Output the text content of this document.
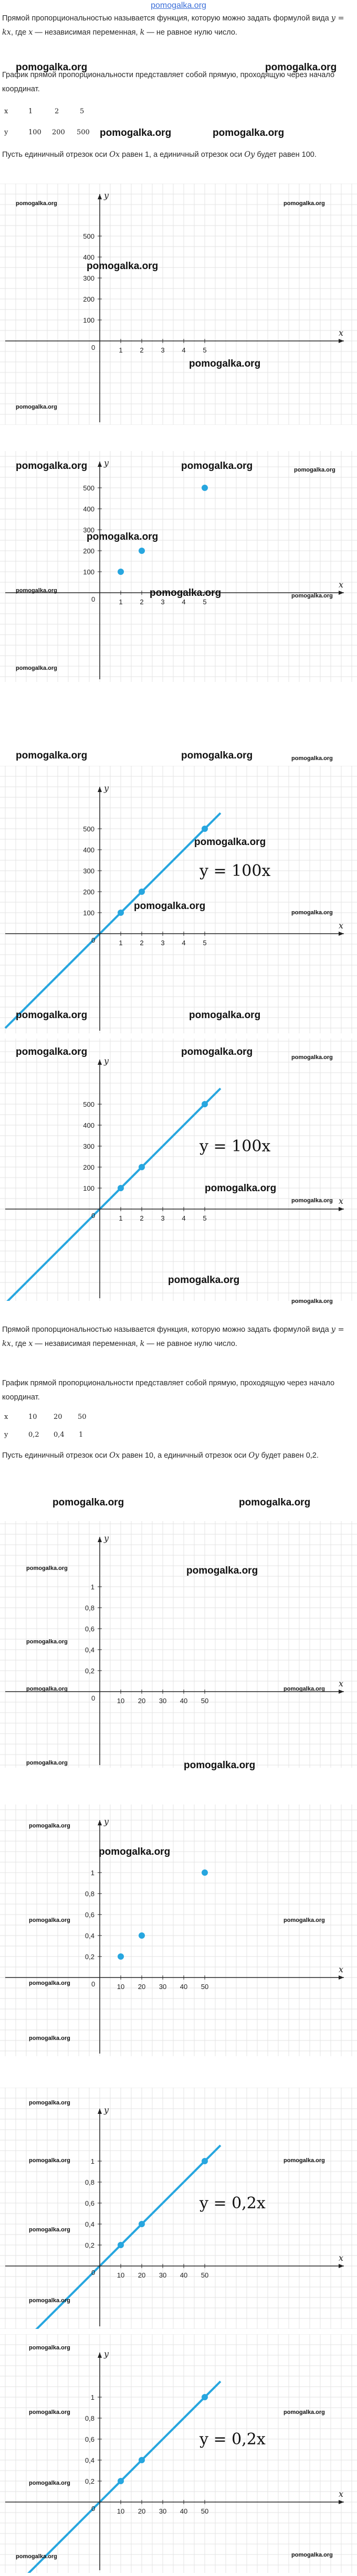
pomogalka.org
Прямой пропорциональностью называется функция, которую можно задать формулой вида y = kx, где x — независимая переменная, k — не равное нулю число.
График прямой пропорциональности представляет собой прямую, проходящую через начало координат.
x	1	2	5
y	100 200 500
Пусть единичный отрезок оси Ox равен 1, а единичный отрезок оси Oy будет равен 100.
Прямой пропорциональностью называется функция, которую можно задать формулой вида y = kx, где x — независимая переменная, k — не равное нулю число.
График прямой пропорциональности представляет собой прямую, проходящую через начало координат.
x	10 20 50
y	0,2 0,4 1
Пусть единичный отрезок оси Ox равен 10, а единичный отрезок оси Oy будет равен 0,2.
x
y
0	1	2	3	4	5
100
200
300
400
500
x
y
0	1	2	3	4	5
100
200
300
400
500
x
y
0	1	2	3	4	5
100
200
300
400
500
y = 100x
x
y
0	1	2	3	4	5
100
200
300
400
500
y = 100x
x
y
0	10 20 30 40 50
0,2
0,4
0,6
0,8
1
x
y
0	10 20 30 40 50
0,2
0,4
0,6
0,8
1
x
y
0	10 20 30 40 50
0,2
0,4
0,6
0,8
1
y = 0,2x
x
y
0	10 20 30 40 50
0,2
0,4
0,6
0,8
1
y = 0,2x
pomogalka.org	pomogalka.org
pomogalka.org	pomogalka.org
pomogalka.org	pomogalka.org
pomogalka.org
pomogalka.org
pomogalka.org
pomogalka.org	pomogalka.org	pomogalka.org
pomogalka.org
pomogalka.org	pomogalka.org	pomogalka.org
pomogalka.org
pomogalka.org	pomogalka.org	pomogalka.org
pomogalka.org
pomogalka.org
pomogalka.org
pomogalka.org	pomogalka.org
pomogalka.org	pomogalka.org	pomogalka.org
pomogalka.org
pomogalka.org
pomogalka.org
pomogalka.org
pomogalka.org	pomogalka.org
pomogalka.org	pomogalka.org
pomogalka.org
pomogalka.org	pomogalka.org
pomogalka.org	pomogalka.org
pomogalka.org
pomogalka.org
pomogalka.org	pomogalka.org
pomogalka.org
pomogalka.org
pomogalka.org
pomogalka.org	pomogalka.org
pomogalka.org
pomogalka.org
pomogalka.org
pomogalka.org	pomogalka.org
pomogalka.org
pomogalka.org	pomogalka.org
